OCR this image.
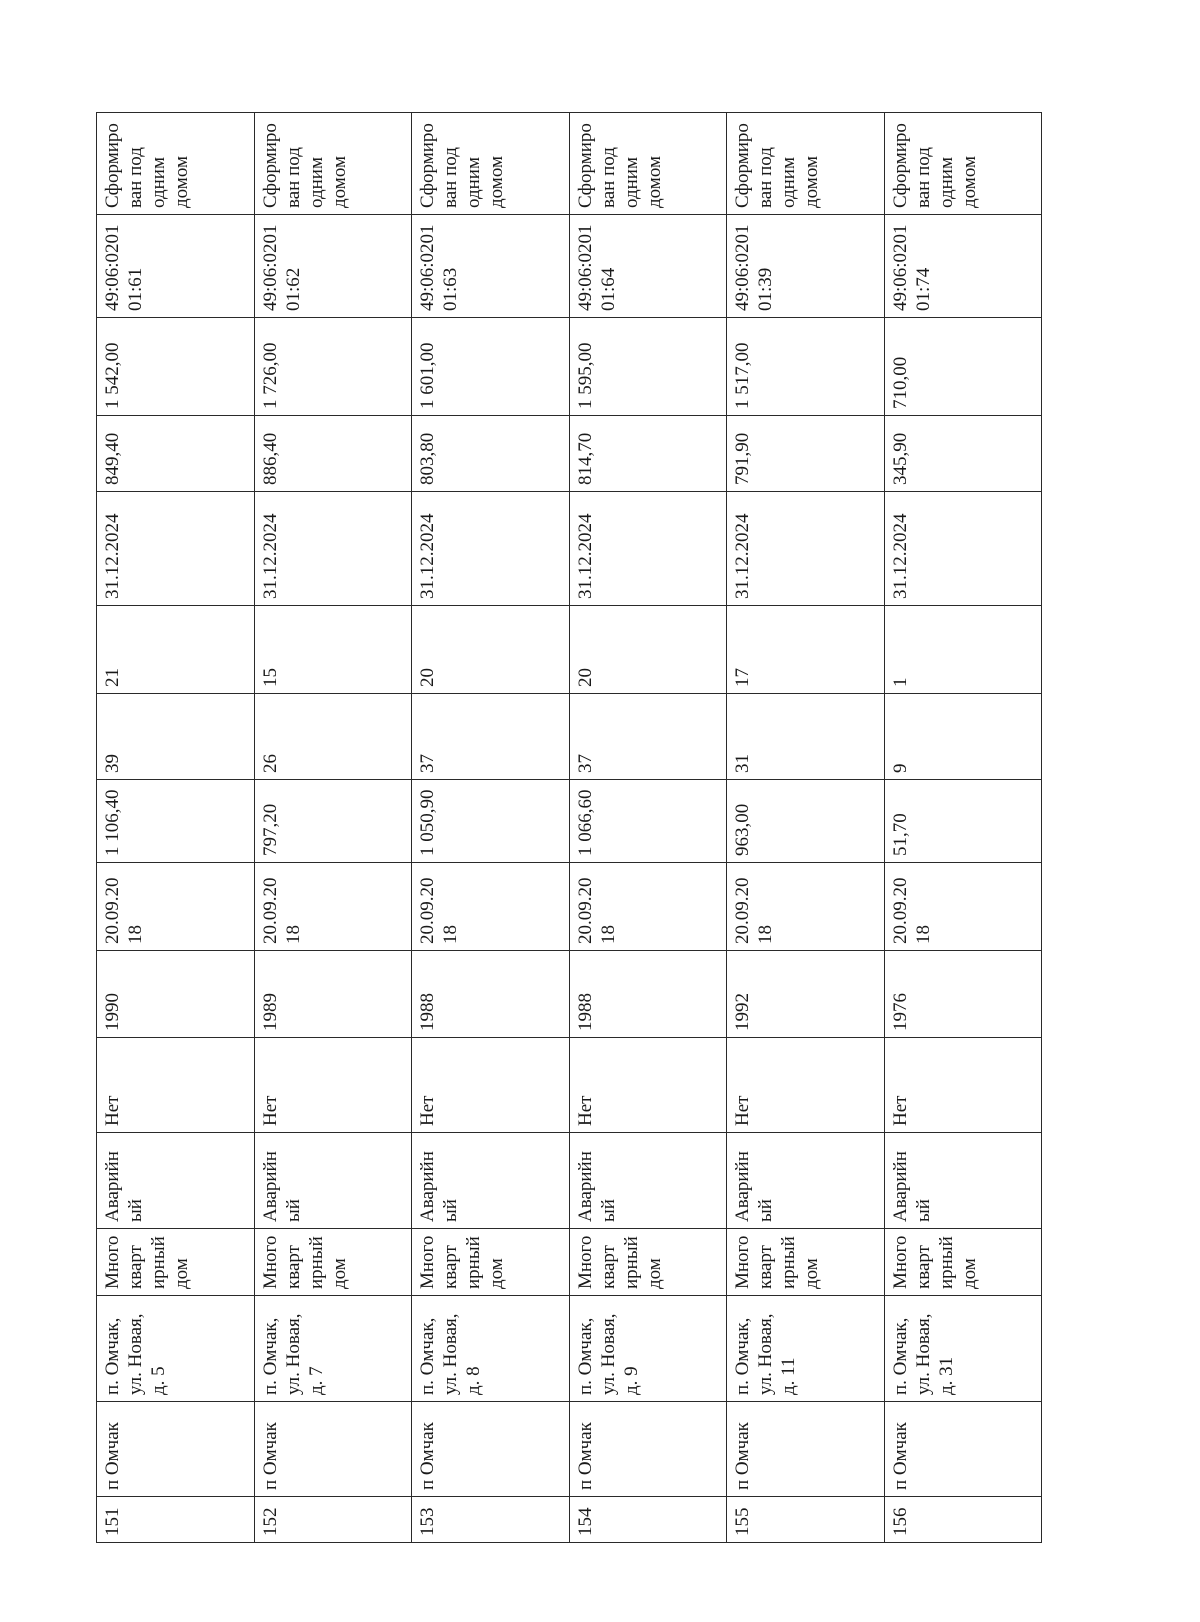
151	п Омчак	п. Омчак, ул. Новая, д. 5	Многоквартирный дом	Аварийный	Нет	1990	20.09.2018	1 106,40	39	21	31.12.2024	849,40	1 542,00	49:06:020101:61	Сформирован под одним домом
152	п Омчак	п. Омчак, ул. Новая, д. 7	Многоквартирный дом	Аварийный	Нет	1989	20.09.2018	797,20	26	15	31.12.2024	886,40	1 726,00	49:06:020101:62	Сформирован под одним домом
153	п Омчак	п. Омчак, ул. Новая, д. 8	Многоквартирный дом	Аварийный	Нет	1988	20.09.2018	1 050,90	37	20	31.12.2024	803,80	1 601,00	49:06:020101:63	Сформирован под одним домом
154	п Омчак	п. Омчак, ул. Новая, д. 9	Многоквартирный дом	Аварийный	Нет	1988	20.09.2018	1 066,60	37	20	31.12.2024	814,70	1 595,00	49:06:020101:64	Сформирован под одним домом
155	п Омчак	п. Омчак, ул. Новая, д. 11	Многоквартирный дом	Аварийный	Нет	1992	20.09.2018	963,00	31	17	31.12.2024	791,90	1 517,00	49:06:020101:39	Сформирован под одним домом
156	п Омчак	п. Омчак, ул. Новая, д. 31	Многоквартирный дом	Аварийный	Нет	1976	20.09.2018	51,70	9	1	31.12.2024	345,90	710,00	49:06:020101:74	Сформирован под одним домом
